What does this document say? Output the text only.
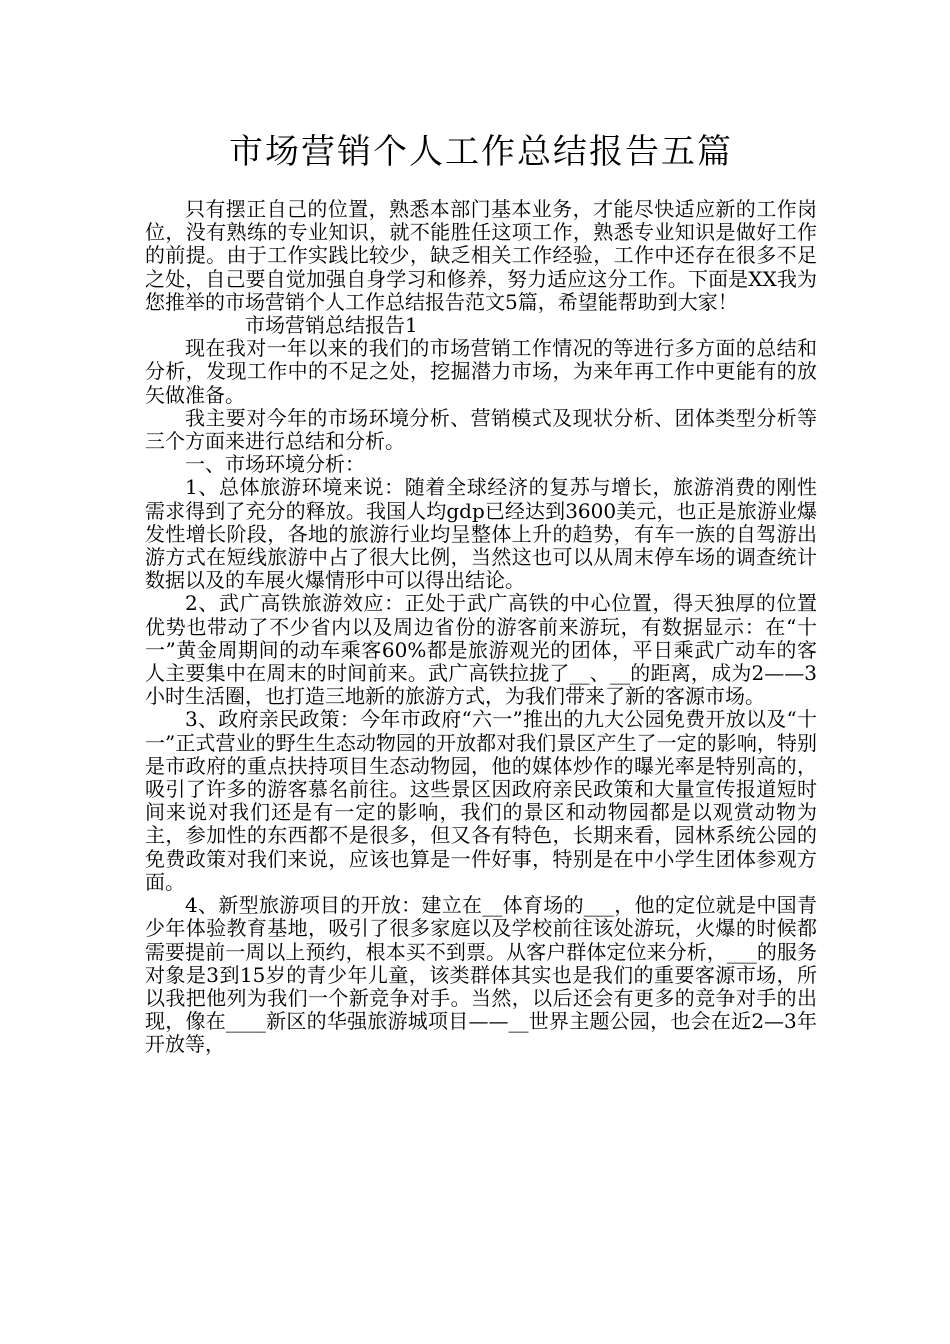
市场营销个人工作总结报告五篇

只有摆正自己的位置，熟悉本部门基本业务，才能尽快适应新的工作岗位，没有熟练的专业知识，就不能胜任这项工作，熟悉专业知识是做好工作的前提。由于工作实践比较少，缺乏相关工作经验，工作中还存在很多不足之处，自己要自觉加强自身学习和修养，努力适应这分工作。下面是XX我为您推举的市场营销个人工作总结报告范文5篇，希望能帮助到大家！

市场营销总结报告1

现在我对一年以来的我们的市场营销工作情况的等进行多方面的总结和分析，发现工作中的不足之处，挖掘潜力市场，为来年再工作中更能有的放矢做准备。

我主要对今年的市场环境分析、营销模式及现状分析、团体类型分析等三个方面来进行总结和分析。

一、市场环境分析：

1、总体旅游环境来说：随着全球经济的复苏与增长，旅游消费的刚性需求得到了充分的释放。我国人均gdp已经达到3600美元，也正是旅游业爆发性增长阶段，各地的旅游行业均呈整体上升的趋势，有车一族的自驾游出游方式在短线旅游中占了很大比例，当然这也可以从周末停车场的调查统计数据以及的车展火爆情形中可以得出结论。

2、武广高铁旅游效应：正处于武广高铁的中心位置，得天独厚的位置优势也带动了不少省内以及周边省份的游客前来游玩，有数据显示：在“十一”黄金周期间的动车乘客60%都是旅游观光的团体，平日乘武广动车的客人主要集中在周末的时间前来。武广高铁拉拢了__、__的距离，成为2——3小时生活圈，也打造三地新的旅游方式，为我们带来了新的客源市场。

3、政府亲民政策：今年市政府“六一”推出的九大公园免费开放以及“十一”正式营业的野生生态动物园的开放都对我们景区产生了一定的影响，特别是市政府的重点扶持项目生态动物园，他的媒体炒作的曝光率是特别高的，吸引了许多的游客慕名前往。这些景区因政府亲民政策和大量宣传报道短时间来说对我们还是有一定的影响，我们的景区和动物园都是以观赏动物为主，参加性的东西都不是很多，但又各有特色，长期来看，园林系统公园的免费政策对我们来说，应该也算是一件好事，特别是在中小学生团体参观方面。

4、新型旅游项目的开放：建立在__体育场的___，他的定位就是中国青少年体验教育基地，吸引了很多家庭以及学校前往该处游玩，火爆的时候都需要提前一周以上预约，根本买不到票。从客户群体定位来分析，___的服务对象是3到15岁的青少年儿童，该类群体其实也是我们的重要客源市场，所以我把他列为我们一个新竞争对手。当然，以后还会有更多的竞争对手的出现，像在____新区的华强旅游城项目——__世界主题公园，也会在近2—3年开放等，
